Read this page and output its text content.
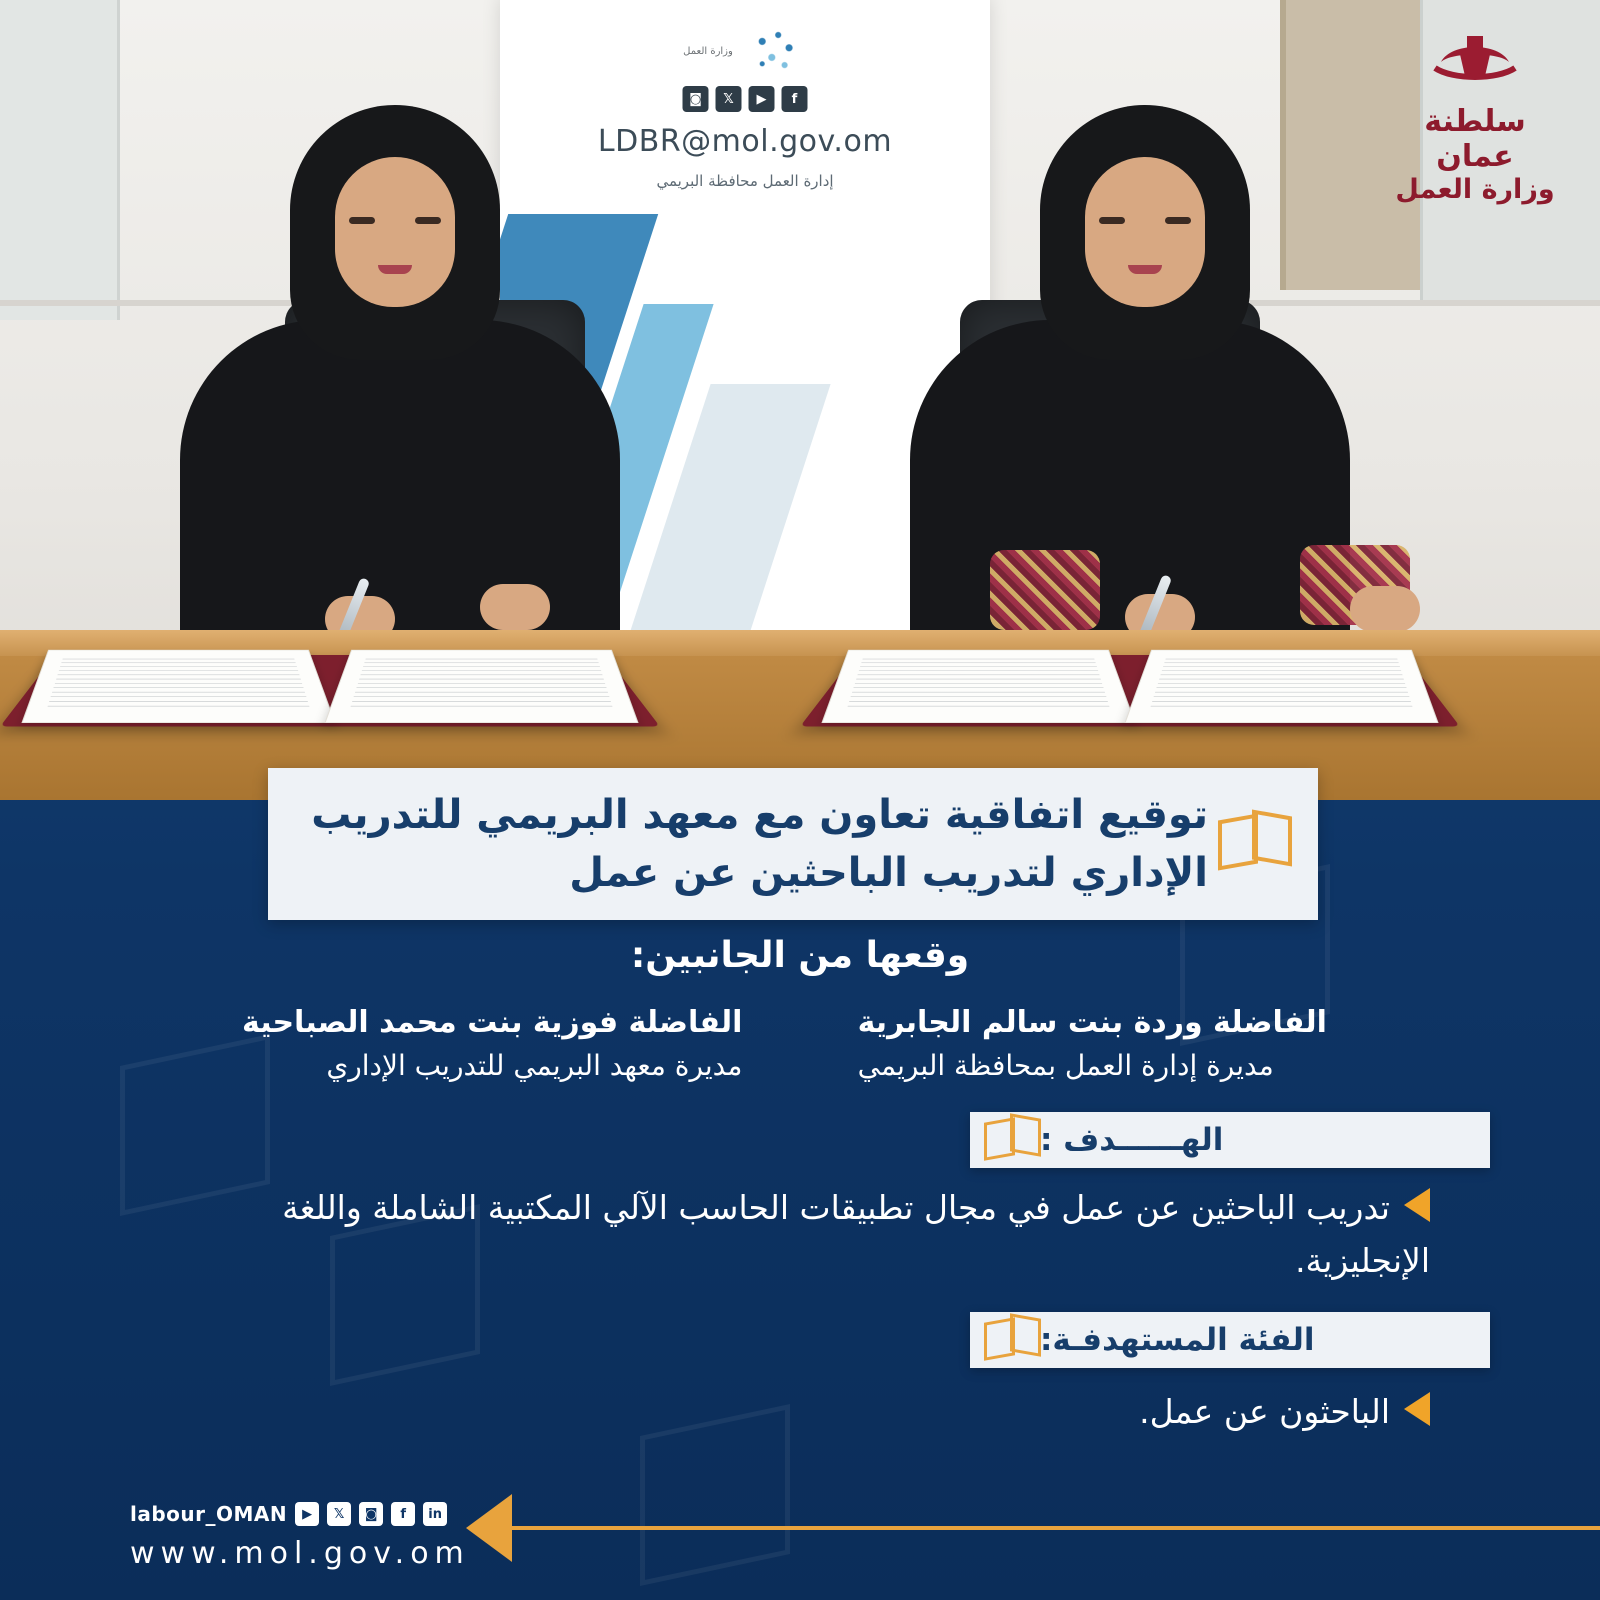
وزارة العمل
f
▶
𝕏
◙
LDBR@mol.gov.om
إدارة العمل محافظة البريمي
سلطنة عمان
وزارة العمل
توقيع اتفاقية تعاون مع معهد البريمي للتدريب الإداري لتدريب الباحثين عن عمل
وقعها من الجانبين:
الفاضلة وردة بنت سالم الجابرية
مديرة إدارة العمل بمحافظة البريمي
الفاضلة فوزية بنت محمد الصباحية
مديرة معهد البريمي للتدريب الإداري
الهــــــدف :
تدريب الباحثين عن عمل في مجال تطبيقات الحاسب الآلي المكتبية الشاملة واللغة الإنجليزية.
الفئة المستهدفـة:
الباحثون عن عمل.
labour_OMAN	▶	𝕏	◙	f	in
www.mol.gov.om
